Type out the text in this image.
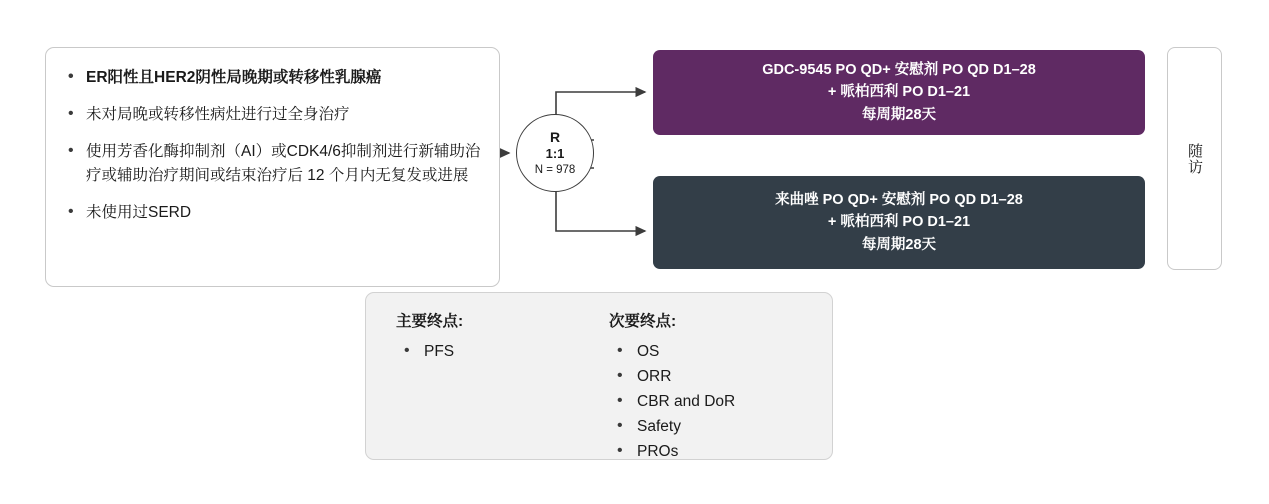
• ER阳性且HER2阴性局晚期或转移性乳腺癌
• 未对局晚或转移性病灶进行过全身治疗
• 使用芳香化酶抑制剂（AI）或CDK4/6抑制剂进行新辅助治疗或辅助治疗期间或结束治疗后 12 个月内无复发或进展
• 未使用过SERD
R
1:1
N = 978
GDC-9545 PO QD+ 安慰剂 PO QD D1–28
+ 哌柏西利 PO D1–21
每周期28天
来曲唑 PO QD+ 安慰剂 PO QD D1–28
+ 哌柏西利 PO D1–21
每周期28天
随访
主要终点:
• PFS
次要终点:
• OS
• ORR
• CBR and DoR
• Safety
• PROs
